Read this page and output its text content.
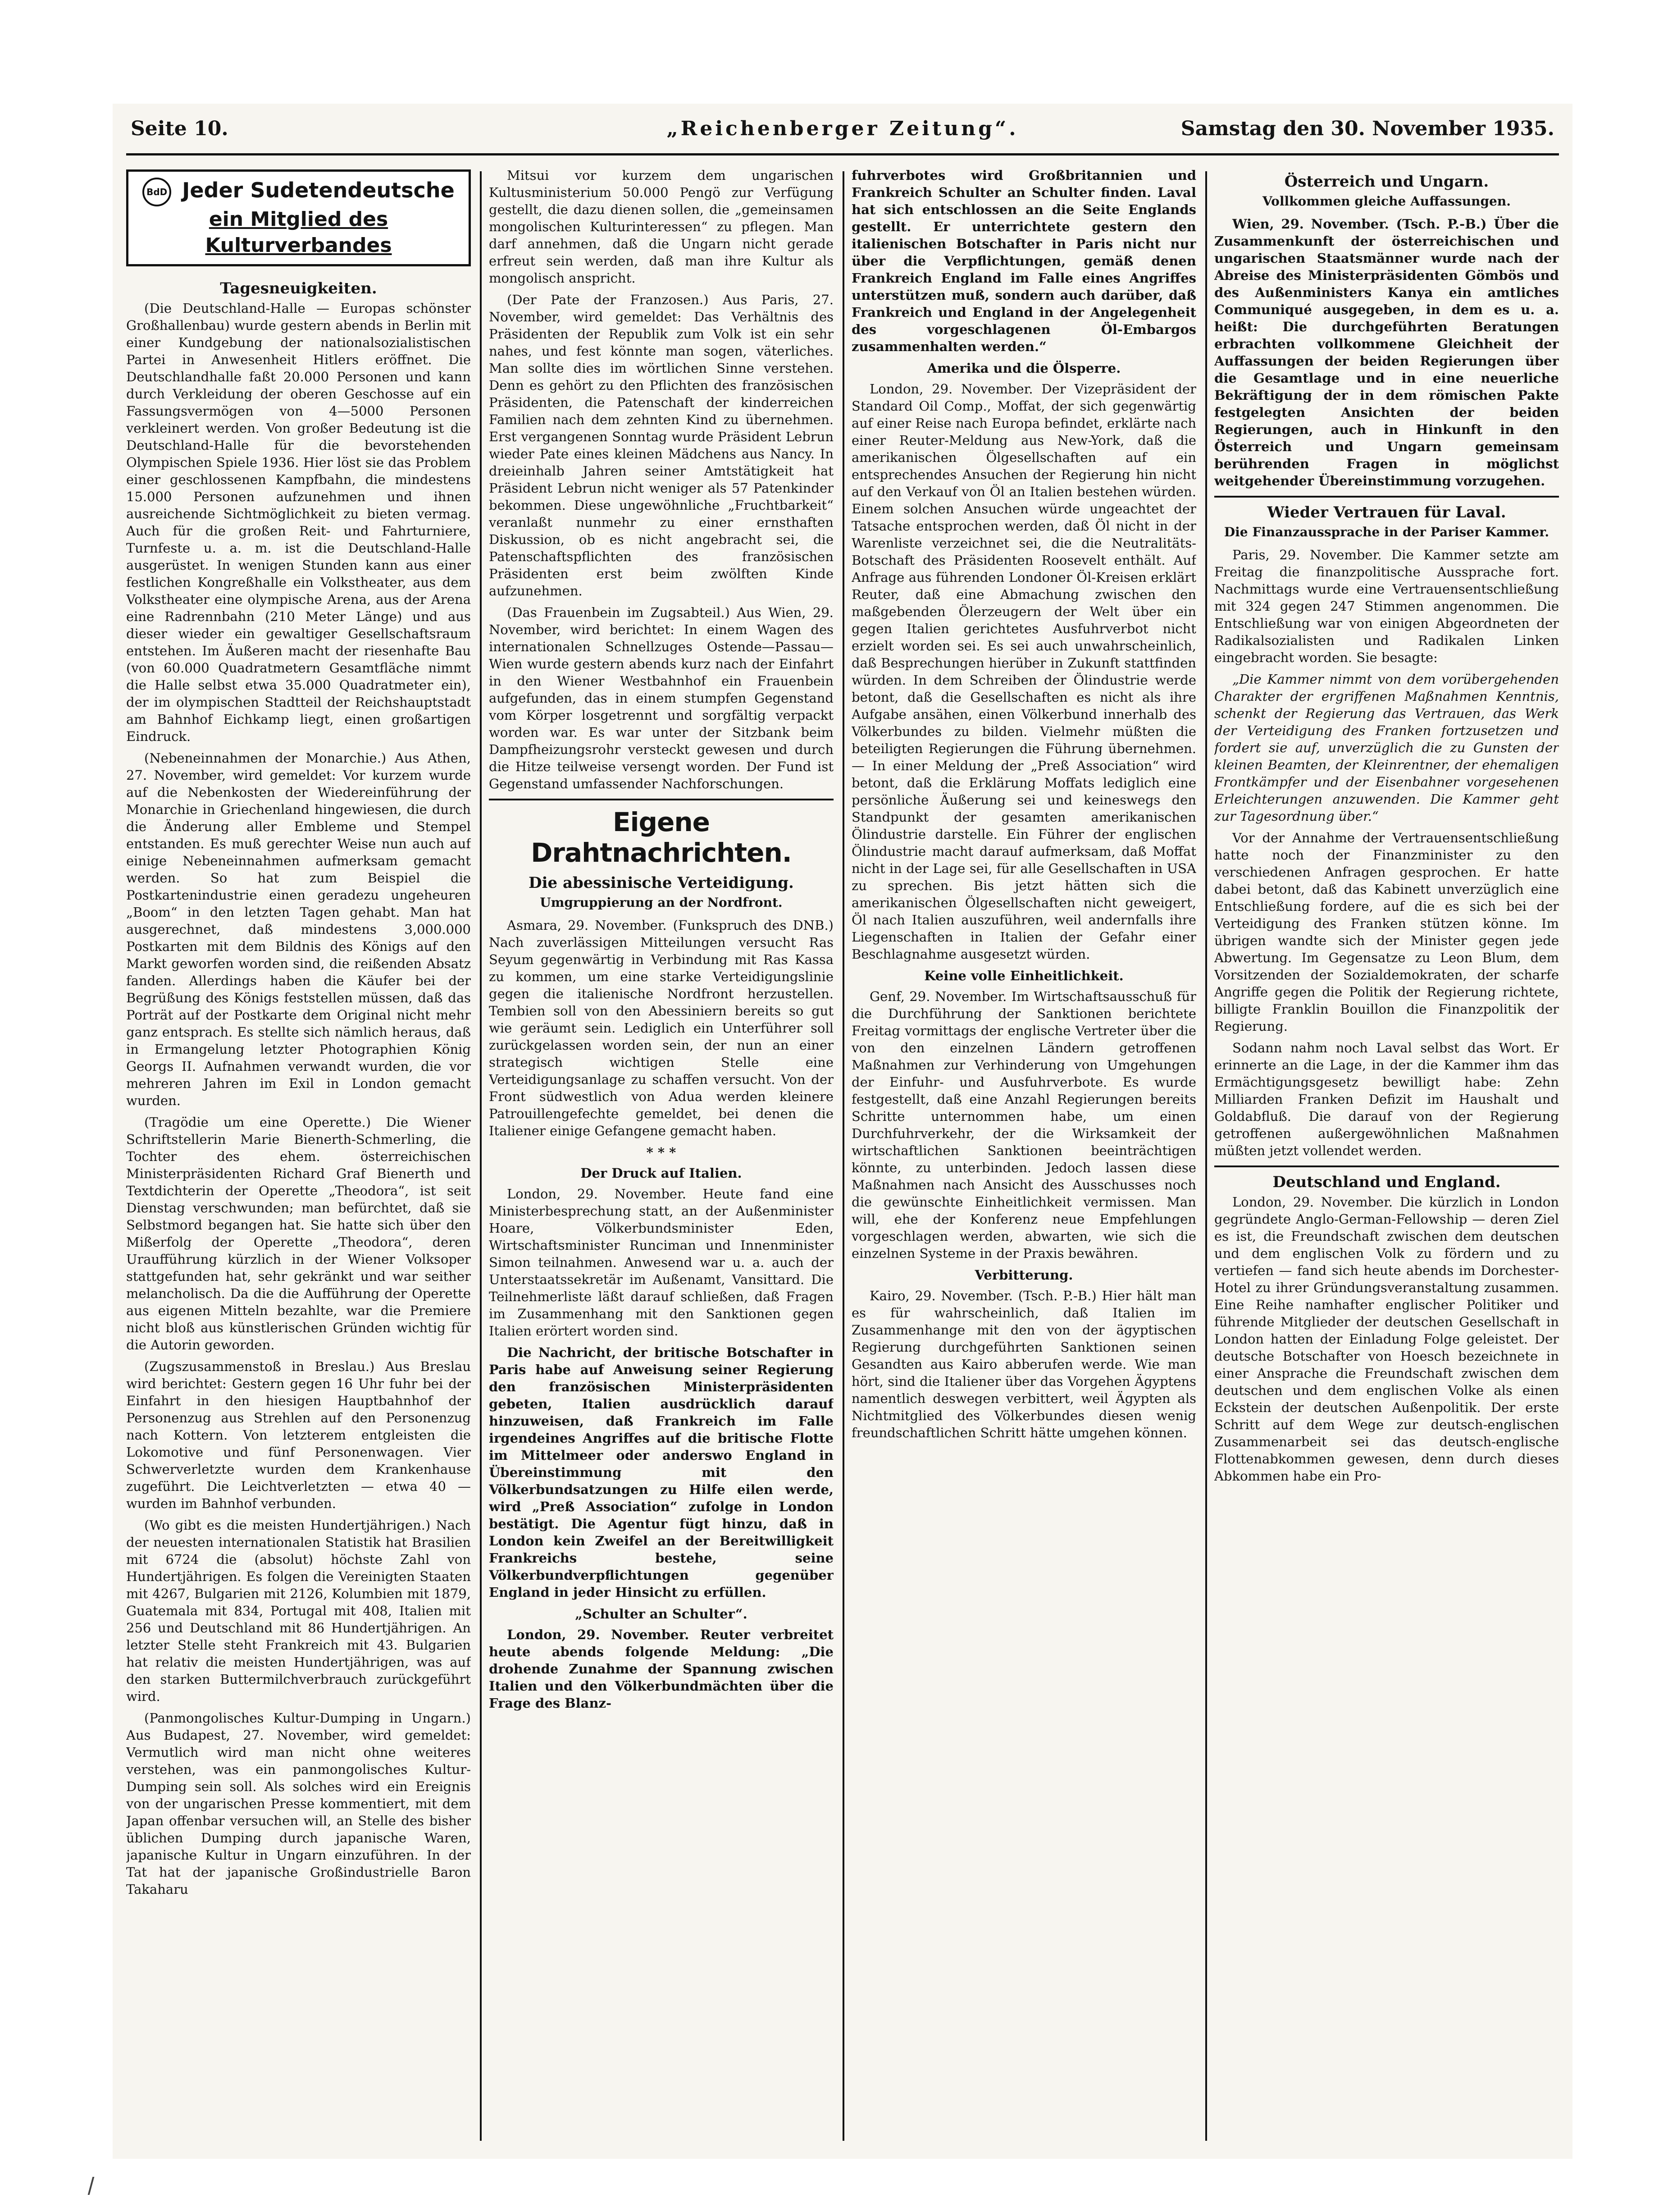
Seite 10.	„Reichenberger Zeitung“.	Samstag den 30. November 1935.
BdD Jeder Sudetendeutsche
ein Mitglied des Kulturverbandes
Tagesneuigkeiten.

(Die Deutschland-Halle — Europas schönster Großhallenbau) wurde gestern abends in Berlin mit einer Kundgebung der nationalsozialistischen Partei in Anwesenheit Hitlers eröffnet. Die Deutschlandhalle faßt 20.000 Personen und kann durch Verkleidung der oberen Geschosse auf ein Fassungsvermögen von 4—5000 Personen verkleinert werden. Von großer Bedeutung ist die Deutschland-Halle für die bevorstehenden Olympischen Spiele 1936. Hier löst sie das Problem einer geschlossenen Kampfbahn, die mindestens 15.000 Personen aufzunehmen und ihnen ausreichende Sichtmöglichkeit zu bieten vermag. Auch für die großen Reit- und Fahrturniere, Turnfeste u. a. m. ist die Deutschland-Halle ausgerüstet. In wenigen Stunden kann aus einer festlichen Kongreßhalle ein Volkstheater, aus dem Volkstheater eine olympische Arena, aus der Arena eine Radrennbahn (210 Meter Länge) und aus dieser wieder ein gewaltiger Gesellschaftsraum entstehen. Im Äußeren macht der riesenhafte Bau (von 60.000 Quadratmetern Gesamtfläche nimmt die Halle selbst etwa 35.000 Quadratmeter ein), der im olympischen Stadtteil der Reichshauptstadt am Bahnhof Eichkamp liegt, einen großartigen Eindruck.

(Nebeneinnahmen der Monarchie.) Aus Athen, 27. November, wird gemeldet: Vor kurzem wurde auf die Nebenkosten der Wiedereinführung der Monarchie in Griechenland hingewiesen, die durch die Änderung aller Embleme und Stempel entstanden. Es muß gerechter Weise nun auch auf einige Nebeneinnahmen aufmerksam gemacht werden. So hat zum Beispiel die Postkartenindustrie einen geradezu ungeheuren „Boom“ in den letzten Tagen gehabt. Man hat ausgerechnet, daß mindestens 3,000.000 Postkarten mit dem Bildnis des Königs auf den Markt geworfen worden sind, die reißenden Absatz fanden. Allerdings haben die Käufer bei der Begrüßung des Königs feststellen müssen, daß das Porträt auf der Postkarte dem Original nicht mehr ganz entsprach. Es stellte sich nämlich heraus, daß in Ermangelung letzter Photographien König Georgs II. Aufnahmen verwandt wurden, die vor mehreren Jahren im Exil in London gemacht wurden.

(Tragödie um eine Operette.) Die Wiener Schriftstellerin Marie Bienerth-Schmerling, die Tochter des ehem. österreichischen Ministerpräsidenten Richard Graf Bienerth und Textdichterin der Operette „Theodora“, ist seit Dienstag verschwunden; man befürchtet, daß sie Selbstmord begangen hat. Sie hatte sich über den Mißerfolg der Operette „Theodora“, deren Uraufführung kürzlich in der Wiener Volksoper stattgefunden hat, sehr gekränkt und war seither melancholisch. Da die die Aufführung der Operette aus eigenen Mitteln bezahlte, war die Premiere nicht bloß aus künstlerischen Gründen wichtig für die Autorin geworden.

(Zugszusammenstoß in Breslau.) Aus Breslau wird berichtet: Gestern gegen 16 Uhr fuhr bei der Einfahrt in den hiesigen Hauptbahnhof der Personenzug aus Strehlen auf den Personenzug nach Kottern. Von letzterem entgleisten die Lokomotive und fünf Personenwagen. Vier Schwerverletzte wurden dem Krankenhause zugeführt. Die Leichtverletzten — etwa 40 — wurden im Bahnhof verbunden.

(Wo gibt es die meisten Hundertjährigen.) Nach der neuesten internationalen Statistik hat Brasilien mit 6724 die (absolut) höchste Zahl von Hundertjährigen. Es folgen die Vereinigten Staaten mit 4267, Bulgarien mit 2126, Kolumbien mit 1879, Guatemala mit 834, Portugal mit 408, Italien mit 256 und Deutschland mit 86 Hundertjährigen. An letzter Stelle steht Frankreich mit 43. Bulgarien hat relativ die meisten Hundertjährigen, was auf den starken Buttermilchverbrauch zurückgeführt wird.

(Panmongolisches Kultur-Dumping in Ungarn.) Aus Budapest, 27. November, wird gemeldet: Vermutlich wird man nicht ohne weiteres verstehen, was ein panmongolisches Kultur-Dumping sein soll. Als solches wird ein Ereignis von der ungarischen Presse kommentiert, mit dem Japan offenbar versuchen will, an Stelle des bisher üblichen Dumping durch japanische Waren, japanische Kultur in Ungarn einzuführen. In der Tat hat der japanische Großindustrielle Baron Takaharu

Mitsui vor kurzem dem ungarischen Kultusministerium 50.000 Pengö zur Verfügung gestellt, die dazu dienen sollen, die „gemeinsamen mongolischen Kulturinteressen“ zu pflegen. Man darf annehmen, daß die Ungarn nicht gerade erfreut sein werden, daß man ihre Kultur als mongolisch anspricht.

(Der Pate der Franzosen.) Aus Paris, 27. November, wird gemeldet: Das Verhältnis des Präsidenten der Republik zum Volk ist ein sehr nahes, und fest könnte man sogen, väterliches. Man sollte dies im wörtlichen Sinne verstehen. Denn es gehört zu den Pflichten des französischen Präsidenten, die Patenschaft der kinderreichen Familien nach dem zehnten Kind zu übernehmen. Erst vergangenen Sonntag wurde Präsident Lebrun wieder Pate eines kleinen Mädchens aus Nancy. In dreieinhalb Jahren seiner Amtstätigkeit hat Präsident Lebrun nicht weniger als 57 Patenkinder bekommen. Diese ungewöhnliche „Fruchtbarkeit“ veranlaßt nunmehr zu einer ernsthaften Diskussion, ob es nicht angebracht sei, die Patenschaftspflichten des französischen Präsidenten erst beim zwölften Kinde aufzunehmen.

(Das Frauenbein im Zugsabteil.) Aus Wien, 29. November, wird berichtet: In einem Wagen des internationalen Schnellzuges Ostende—Passau—Wien wurde gestern abends kurz nach der Einfahrt in den Wiener Westbahnhof ein Frauenbein aufgefunden, das in einem stumpfen Gegenstand vom Körper losgetrennt und sorgfältig verpackt worden war. Es war unter der Sitzbank beim Dampfheizungsrohr versteckt gewesen und durch die Hitze teilweise versengt worden. Der Fund ist Gegenstand umfassender Nachforschungen.

Eigene Drahtnachrichten.
Die abessinische Verteidigung.
Umgruppierung an der Nordfront.

Asmara, 29. November. (Funkspruch des DNB.) Nach zuverlässigen Mitteilungen versucht Ras Seyum gegenwärtig in Verbindung mit Ras Kassa zu kommen, um eine starke Verteidigungslinie gegen die italienische Nordfront herzustellen. Tembien soll von den Abessiniern bereits so gut wie geräumt sein. Lediglich ein Unterführer soll zurückgelassen worden sein, der nun an einer strategisch wichtigen Stelle eine Verteidigungsanlage zu schaffen versucht. Von der Front südwestlich von Adua werden kleinere Patrouillengefechte gemeldet, bei denen die Italiener einige Gefangene gemacht haben.

* * *
Der Druck auf Italien.

London, 29. November. Heute fand eine Ministerbesprechung statt, an der Außenminister Hoare, Völkerbundsminister Eden, Wirtschaftsminister Runciman und Innenminister Simon teilnahmen. Anwesend war u. a. auch der Unterstaatssekretär im Außenamt, Vansittard. Die Teilnehmerliste läßt darauf schließen, daß Fragen im Zusammenhang mit den Sanktionen gegen Italien erörtert worden sind.

Die Nachricht, der britische Botschafter in Paris habe auf Anweisung seiner Regierung den französischen Ministerpräsidenten gebeten, Italien ausdrücklich darauf hinzuweisen, daß Frankreich im Falle irgendeines Angriffes auf die britische Flotte im Mittelmeer oder anderswo England in Übereinstimmung mit den Völkerbundsatzungen zu Hilfe eilen werde, wird „Preß Association“ zufolge in London bestätigt. Die Agentur fügt hinzu, daß in London kein Zweifel an der Bereitwilligkeit Frankreichs bestehe, seine Völkerbundverpflichtungen gegenüber England in jeder Hinsicht zu erfüllen.

„Schulter an Schulter“.

London, 29. November. Reuter verbreitet heute abends folgende Meldung: „Die drohende Zunahme der Spannung zwischen Italien und den Völkerbundmächten über die Frage des Blanz-

fuhrverbotes wird Großbritannien und Frankreich Schulter an Schulter finden. Laval hat sich entschlossen an die Seite Englands gestellt. Er unterrichtete gestern den italienischen Botschafter in Paris nicht nur über die Verpflichtungen, gemäß denen Frankreich England im Falle eines Angriffes unterstützen muß, sondern auch darüber, daß Frankreich und England in der Angelegenheit des vorgeschlagenen Öl-Embargos zusammenhalten werden.“

Amerika und die Ölsperre.

London, 29. November. Der Vizepräsident der Standard Oil Comp., Moffat, der sich gegenwärtig auf einer Reise nach Europa befindet, erklärte nach einer Reuter-Meldung aus New-York, daß die amerikanischen Ölgesellschaften auf ein entsprechendes Ansuchen der Regierung hin nicht auf den Verkauf von Öl an Italien bestehen würden. Einem solchen Ansuchen würde ungeachtet der Tatsache entsprochen werden, daß Öl nicht in der Warenliste verzeichnet sei, die die Neutralitäts-Botschaft des Präsidenten Roosevelt enthält. Auf Anfrage aus führenden Londoner Öl-Kreisen erklärt Reuter, daß eine Abmachung zwischen den maßgebenden Ölerzeugern der Welt über ein gegen Italien gerichtetes Ausfuhrverbot nicht erzielt worden sei. Es sei auch unwahrscheinlich, daß Besprechungen hierüber in Zukunft stattfinden würden. In dem Schreiben der Ölindustrie werde betont, daß die Gesellschaften es nicht als ihre Aufgabe ansähen, einen Völkerbund innerhalb des Völkerbundes zu bilden. Vielmehr müßten die beteiligten Regierungen die Führung übernehmen. — In einer Meldung der „Preß Association“ wird betont, daß die Erklärung Moffats lediglich eine persönliche Äußerung sei und keineswegs den Standpunkt der gesamten amerikanischen Ölindustrie darstelle. Ein Führer der englischen Ölindustrie macht darauf aufmerksam, daß Moffat nicht in der Lage sei, für alle Gesellschaften in USA zu sprechen. Bis jetzt hätten sich die amerikanischen Ölgesellschaften nicht geweigert, Öl nach Italien auszuführen, weil andernfalls ihre Liegenschaften in Italien der Gefahr einer Beschlagnahme ausgesetzt würden.

Keine volle Einheitlichkeit.

Genf, 29. November. Im Wirtschaftsausschuß für die Durchführung der Sanktionen berichtete Freitag vormittags der englische Vertreter über die von den einzelnen Ländern getroffenen Maßnahmen zur Verhinderung von Umgehungen der Einfuhr- und Ausfuhrverbote. Es wurde festgestellt, daß eine Anzahl Regierungen bereits Schritte unternommen habe, um einen Durchfuhrverkehr, der die Wirksamkeit der wirtschaftlichen Sanktionen beeinträchtigen könnte, zu unterbinden. Jedoch lassen diese Maßnahmen nach Ansicht des Ausschusses noch die gewünschte Einheitlichkeit vermissen. Man will, ehe der Konferenz neue Empfehlungen vorgeschlagen werden, abwarten, wie sich die einzelnen Systeme in der Praxis bewähren.

Verbitterung.

Kairo, 29. November. (Tsch. P.-B.) Hier hält man es für wahrscheinlich, daß Italien im Zusammenhange mit den von der ägyptischen Regierung durchgeführten Sanktionen seinen Gesandten aus Kairo abberufen werde. Wie man hört, sind die Italiener über das Vorgehen Ägyptens namentlich deswegen verbittert, weil Ägypten als Nichtmitglied des Völkerbundes diesen wenig freundschaftlichen Schritt hätte umgehen können.

Österreich und Ungarn.
Vollkommen gleiche Auffassungen.

Wien, 29. November. (Tsch. P.-B.) Über die Zusammenkunft der österreichischen und ungarischen Staatsmänner wurde nach der Abreise des Ministerpräsidenten Gömbös und des Außenministers Kanya ein amtliches Communiqué ausgegeben, in dem es u. a. heißt: Die durchgeführten Beratungen erbrachten vollkommene Gleichheit der Auffassungen der beiden Regierungen über die Gesamtlage und in eine neuerliche Bekräftigung der in dem römischen Pakte festgelegten Ansichten der beiden Regierungen, auch in Hinkunft in den Österreich und Ungarn gemeinsam berührenden Fragen in möglichst weitgehender Übereinstimmung vorzugehen.

Wieder Vertrauen für Laval.
Die Finanzaussprache in der Pariser Kammer.

Paris, 29. November. Die Kammer setzte am Freitag die finanzpolitische Aussprache fort. Nachmittags wurde eine Vertrauensentschließung mit 324 gegen 247 Stimmen angenommen. Die Entschließung war von einigen Abgeordneten der Radikalsozialisten und Radikalen Linken eingebracht worden. Sie besagte:

„Die Kammer nimmt von dem vorübergehenden Charakter der ergriffenen Maßnahmen Kenntnis, schenkt der Regierung das Vertrauen, das Werk der Verteidigung des Franken fortzusetzen und fordert sie auf, unverzüglich die zu Gunsten der kleinen Beamten, der Kleinrentner, der ehemaligen Frontkämpfer und der Eisenbahner vorgesehenen Erleichterungen anzuwenden. Die Kammer geht zur Tagesordnung über.“

Vor der Annahme der Vertrauensentschließung hatte noch der Finanzminister zu den verschiedenen Anfragen gesprochen. Er hatte dabei betont, daß das Kabinett unverzüglich eine Entschließung fordere, auf die es sich bei der Verteidigung des Franken stützen könne. Im übrigen wandte sich der Minister gegen jede Abwertung. Im Gegensatze zu Leon Blum, dem Vorsitzenden der Sozialdemokraten, der scharfe Angriffe gegen die Politik der Regierung richtete, billigte Franklin Bouillon die Finanzpolitik der Regierung.

Sodann nahm noch Laval selbst das Wort. Er erinnerte an die Lage, in der die Kammer ihm das Ermächtigungsgesetz bewilligt habe: Zehn Milliarden Franken Defizit im Haushalt und Goldabfluß. Die darauf von der Regierung getroffenen außergewöhnlichen Maßnahmen müßten jetzt vollendet werden.

Deutschland und England.

London, 29. November. Die kürzlich in London gegründete Anglo-German-Fellowship — deren Ziel es ist, die Freundschaft zwischen dem deutschen und dem englischen Volk zu fördern und zu vertiefen — fand sich heute abends im Dorchester-Hotel zu ihrer Gründungsveranstaltung zusammen. Eine Reihe namhafter englischer Politiker und führende Mitglieder der deutschen Gesellschaft in London hatten der Einladung Folge geleistet. Der deutsche Botschafter von Hoesch bezeichnete in einer Ansprache die Freundschaft zwischen dem deutschen und dem englischen Volke als einen Eckstein der deutschen Außenpolitik. Der erste Schritt auf dem Wege zur deutsch-englischen Zusammenarbeit sei das deutsch-englische Flottenabkommen gewesen, denn durch dieses Abkommen habe ein Pro-
